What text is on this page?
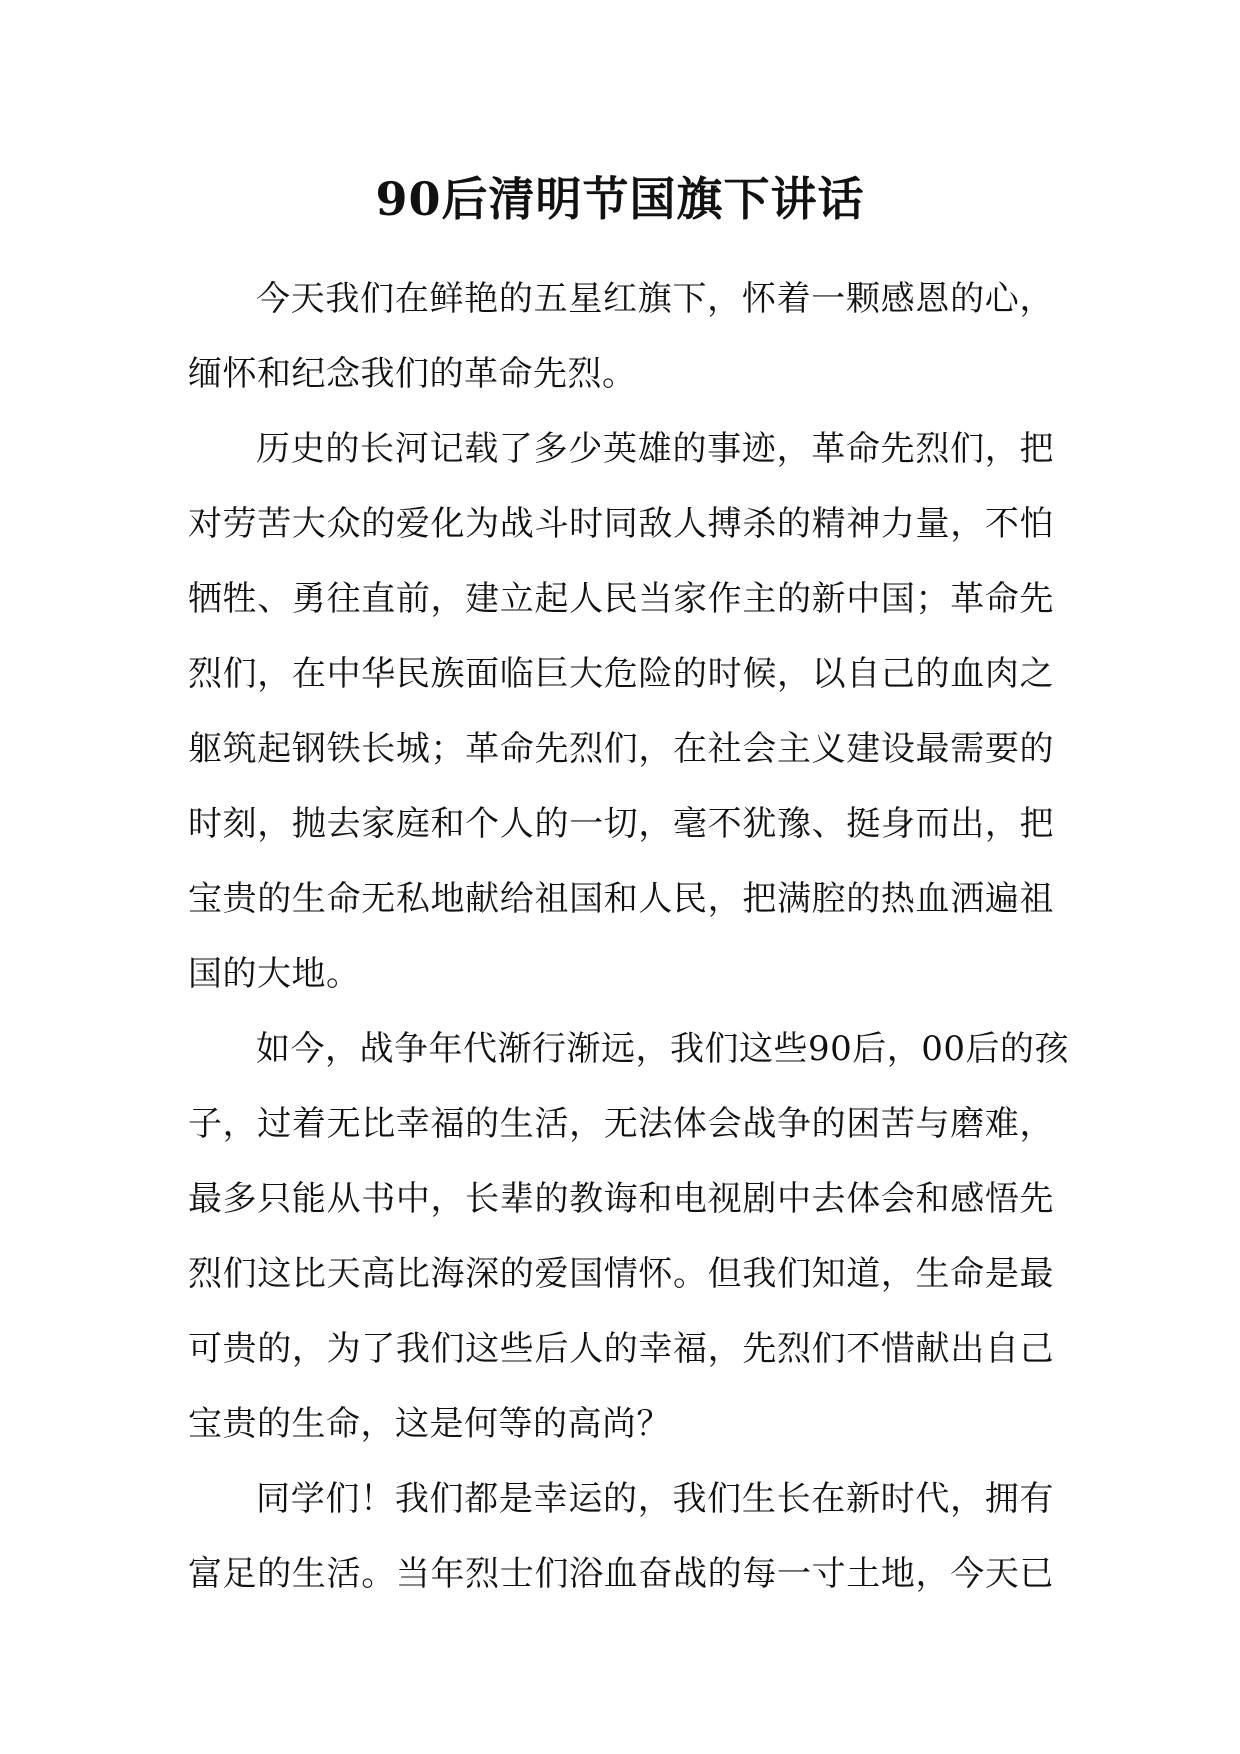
90后清明节国旗下讲话
今天我们在鲜艳的五星红旗下，怀着一颗感恩的心，
缅怀和纪念我们的革命先烈。
历史的长河记载了多少英雄的事迹，革命先烈们，把
对劳苦大众的爱化为战斗时同敌人搏杀的精神力量，不怕
牺牲、勇往直前，建立起人民当家作主的新中国；革命先
烈们，在中华民族面临巨大危险的时候，以自己的血肉之
躯筑起钢铁长城；革命先烈们，在社会主义建设最需要的
时刻，抛去家庭和个人的一切，毫不犹豫、挺身而出，把
宝贵的生命无私地献给祖国和人民，把满腔的热血洒遍祖
国的大地。
如今，战争年代渐行渐远，我们这些90后，00后的孩
子，过着无比幸福的生活，无法体会战争的困苦与磨难，
最多只能从书中，长辈的教诲和电视剧中去体会和感悟先
烈们这比天高比海深的爱国情怀。但我们知道，生命是最
可贵的，为了我们这些后人的幸福，先烈们不惜献出自己
宝贵的生命，这是何等的高尚？
同学们！我们都是幸运的，我们生长在新时代，拥有
富足的生活。当年烈士们浴血奋战的每一寸土地，今天已
